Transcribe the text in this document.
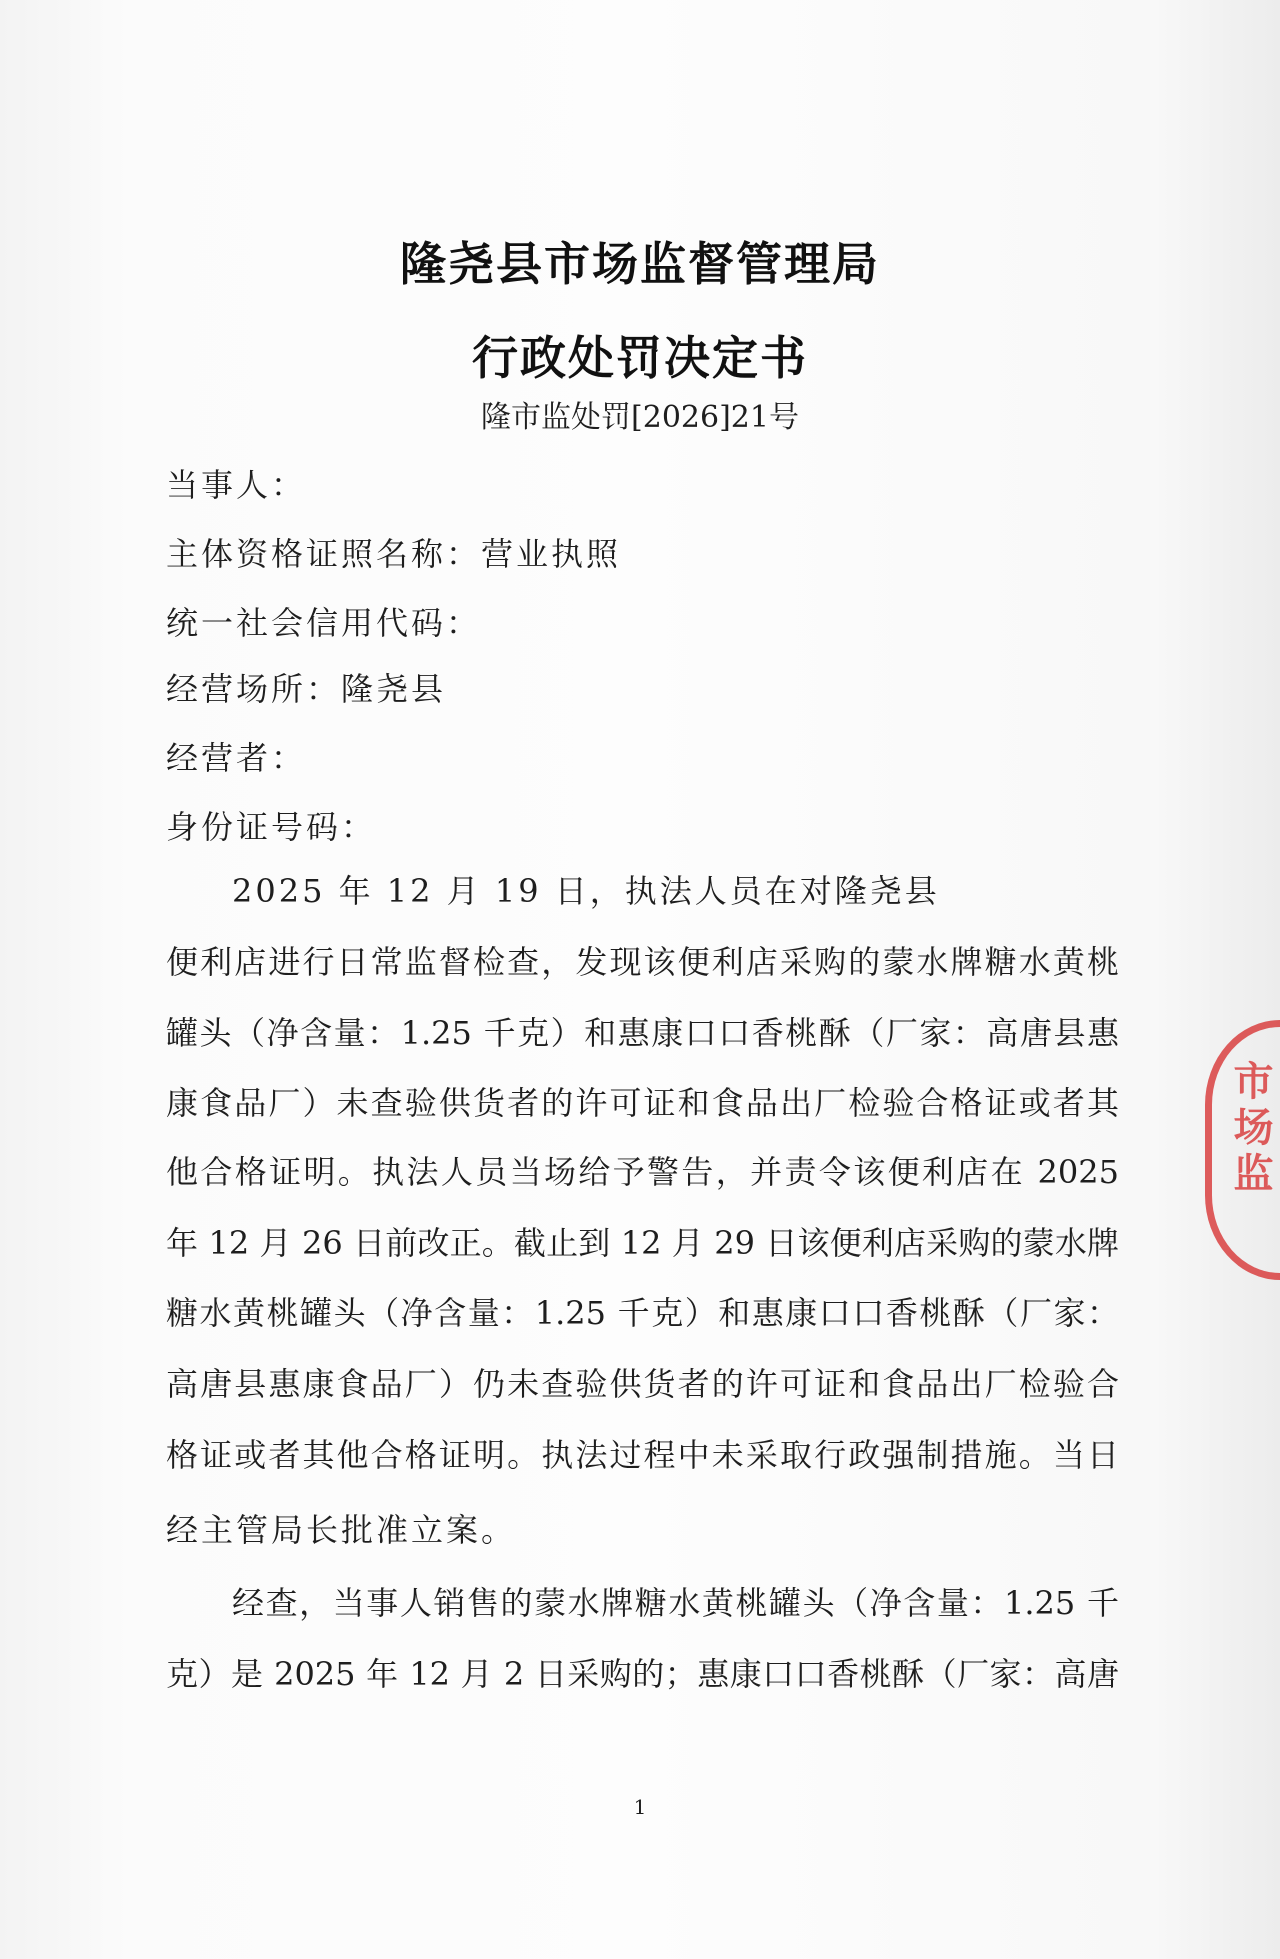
隆尧县市场监督管理局
行政处罚决定书
隆市监处罚[2026]21号
当事人：
主体资格证照名称：营业执照
统一社会信用代码：
经营场所：隆尧县
经营者：
身份证号码：
2025 年 12 月 19 日，执法人员在对隆尧县
便利店进行日常监督检查，发现该便利店采购的蒙水牌糖水黄桃
罐头（净含量：1.25 千克）和惠康口口香桃酥（厂家：高唐县惠
康食品厂）未查验供货者的许可证和食品出厂检验合格证或者其
他合格证明。执法人员当场给予警告，并责令该便利店在 2025
年 12 月 26 日前改正。截止到 12 月 29 日该便利店采购的蒙水牌
糖水黄桃罐头（净含量：1.25 千克）和惠康口口香桃酥（厂家：
高唐县惠康食品厂）仍未查验供货者的许可证和食品出厂检验合
格证或者其他合格证明。执法过程中未采取行政强制措施。当日
经主管局长批准立案。
经查，当事人销售的蒙水牌糖水黄桃罐头（净含量：1.25 千
克）是 2025 年 12 月 2 日采购的；惠康口口香桃酥（厂家：高唐
1
市场监
